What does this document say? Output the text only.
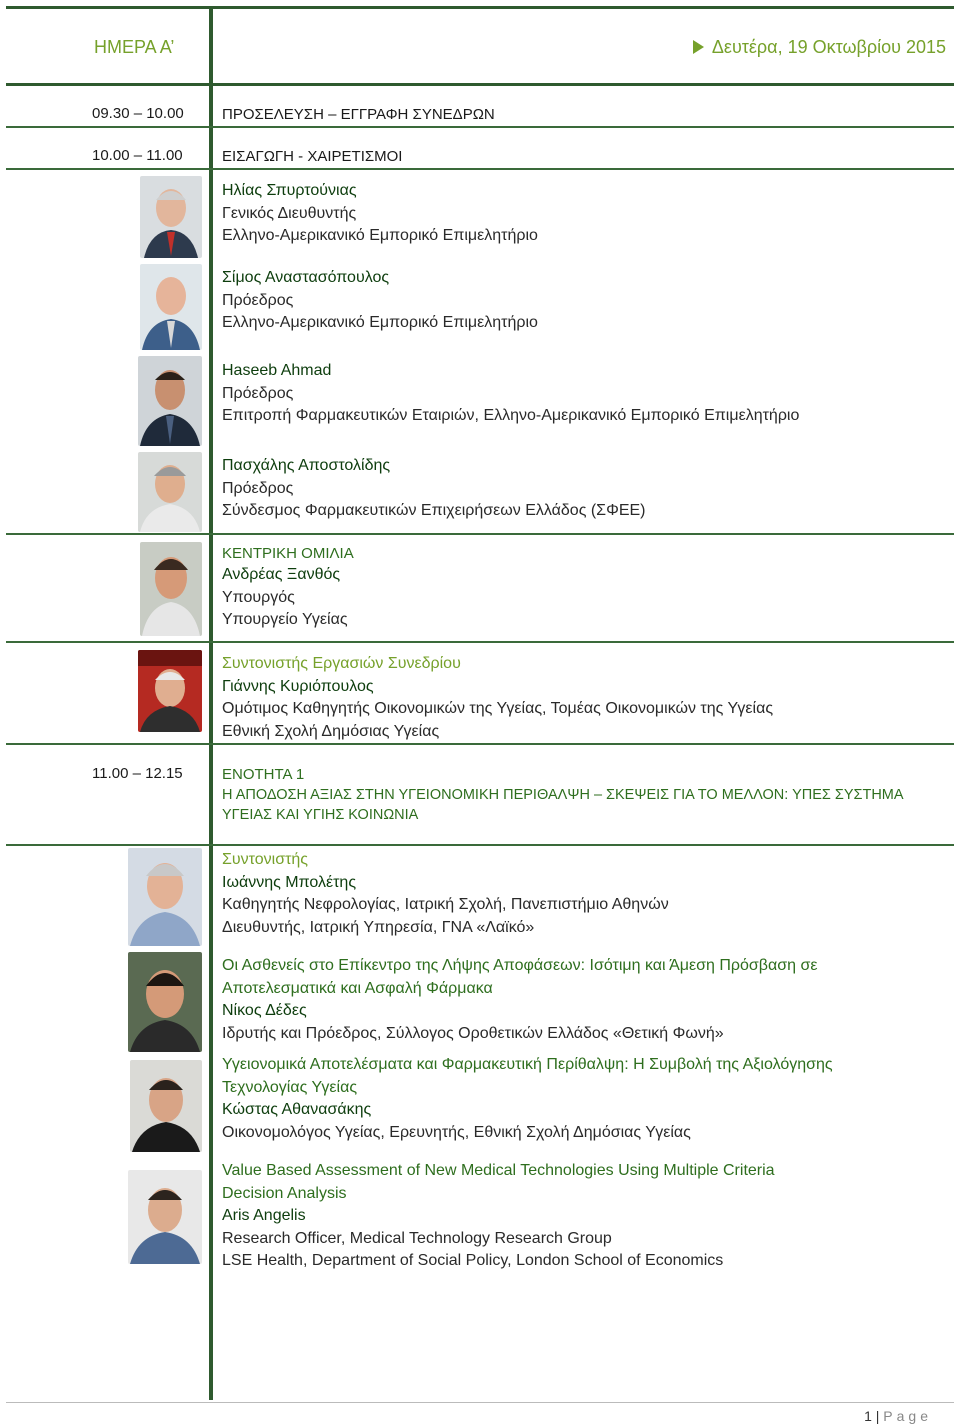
ΗΜΕΡΑ Α’	Δευτέρα, 19 Οκτωβρίου 2015
09.30 – 10.00	ΠΡΟΣΕΛΕΥΣΗ – ΕΓΓΡΑΦΗ ΣΥΝΕΔΡΩΝ
10.00 – 11.00	ΕΙΣΑΓΩΓΗ - ΧΑΙΡΕΤΙΣΜΟΙ
Ηλίας Σπυρτούνιας
Γενικός Διευθυντής
Ελληνο-Αμερικανικό Εμπορικό Επιμελητήριο
Σίμος Αναστασόπουλος
Πρόεδρος
Ελληνο-Αμερικανικό Εμπορικό Επιμελητήριο
Haseeb Ahmad
Πρόεδρος
Επιτροπή Φαρμακευτικών Εταιριών, Ελληνο-Αμερικανικό Εμπορικό Επιμελητήριο
Πασχάλης Αποστολίδης
Πρόεδρος
Σύνδεσμος Φαρμακευτικών Επιχειρήσεων Ελλάδος (ΣΦΕΕ)
ΚΕΝΤΡΙΚΗ ΟΜΙΛΙΑ
Ανδρέας Ξανθός
Υπουργός
Υπουργείο Υγείας
Συντονιστής Εργασιών Συνεδρίου
Γιάννης Κυριόπουλος
Ομότιμος Καθηγητής Οικονομικών της Υγείας, Τομέας Οικονομικών της Υγείας
Εθνική Σχολή Δημόσιας Υγείας
11.00 – 12.15	ΕΝΟΤΗΤΑ 1
Η ΑΠΟΔΟΣΗ ΑΞΙΑΣ ΣΤΗΝ ΥΓΕΙΟΝΟΜΙΚΗ ΠΕΡΙΘΑΛΨΗ – ΣΚΕΨΕΙΣ ΓΙΑ ΤΟ ΜΕΛΛΟΝ: ΥΠΕΣ ΣΥΣΤΗΜΑ
ΥΓΕΙΑΣ ΚΑΙ ΥΓΙΗΣ ΚΟΙΝΩΝΙΑ
Συντονιστής
Ιωάννης Μπολέτης
Καθηγητής Νεφρολογίας, Ιατρική Σχολή, Πανεπιστήμιο Αθηνών
Διευθυντής, Ιατρική Υπηρεσία, ΓΝΑ «Λαϊκό»
Οι Ασθενείς στο Επίκεντρο της Λήψης Αποφάσεων: Ισότιμη και Άμεση Πρόσβαση σε
Αποτελεσματικά και Ασφαλή Φάρμακα
Νίκος Δέδες
Ιδρυτής και Πρόεδρος, Σύλλογος Οροθετικών Ελλάδος «Θετική Φωνή»
Υγειονομικά Αποτελέσματα και Φαρμακευτική Περίθαλψη: Η Συμβολή της Αξιολόγησης
Τεχνολογίας Υγείας
Κώστας Αθανασάκης
Οικονομολόγος Υγείας, Ερευνητής, Εθνική Σχολή Δημόσιας Υγείας
Value Based Assessment of New Medical Technologies Using Multiple Criteria
Decision Analysis
Aris Angelis
Research Officer, Medical Technology Research Group
LSE Health, Department of Social Policy, London School of Economics
1 | Page
